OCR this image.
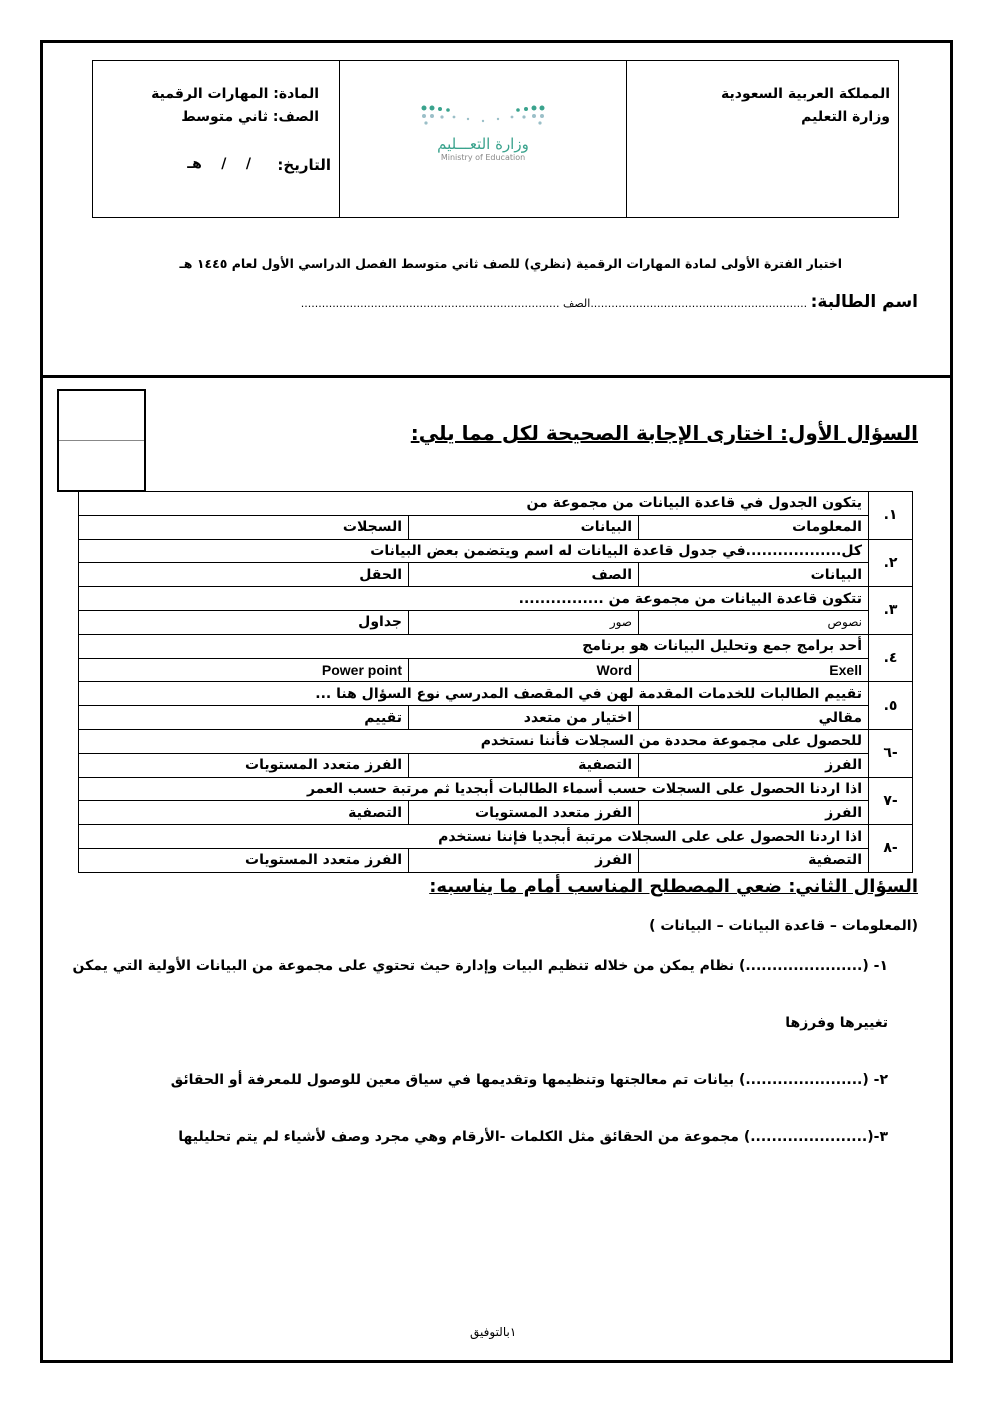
المادة: المهارات الرقمية
الصف: ثاني متوسط
التاريخ:
/    /    هـ
وزارة التعـــليم
Ministry of Education
المملكة العربية السعودية
وزارة التعليم
اختبار الفترة الأولى لمادة المهارات الرقمية (نظري) للصف ثاني متوسط الفصل الدراسي الأول لعام ١٤٤٥ هـ
اسم الطالبة: ..............................................................الصف ..........................................................................
السؤال الأول: اختارى الإجابة الصحيحة لكل مما يلي:
١.	يتكون الجدول في قاعدة البيانات من مجموعة من		
	المعلومات	البيانات	السجلات
٢.	كل..................في جدول قاعدة البيانات له اسم ويتضمن بعض البيانات		
	البيانات	الصف	الحقل
٣.	تتكون قاعدة البيانات من مجموعة من ................		
	نصوص	صور	جداول
٤.	أحد برامج جمع وتحليل البيانات هو برنامج		
	Exell	Word	Power point
٥.	تقييم الطالبات للخدمات المقدمة لهن في المقصف المدرسي نوع السؤال هنا ...		
	مقالي	اختيار من متعدد	تقييم
-٦	للحصول على مجموعة محددة من السجلات فأننا نستخدم		
	الفرز	التصفية	الفرز متعدد المستويات
-٧	اذا اردنا الحصول على السجلات حسب أسماء الطالبات أبجديا ثم مرتبة حسب العمر		
	الفرز	الفرز متعدد المستويات	التصفية
-٨	اذا اردنا الحصول على على السجلات مرتبة أبجديا فإننا نستخدم		
	التصفية	الفرز	الفرز متعدد المستويات
السؤال الثاني: ضعي المصطلح المناسب أمام ما يناسبه:
(المعلومات – قاعدة البيانات – البيانات )
١- (......................) نظام يمكن من خلاله تنظيم البيات وإدارة حيث تحتوي على مجموعة من البيانات الأولية التي يمكن
تغييرها وفرزها
٢- (......................) بيانات تم معالجتها وتنظيمها وتقديمها في سياق معين للوصول للمعرفة أو الحقائق
٣-(......................) مجموعة من الحقائق مثل الكلمات -الأرقام وهي مجرد وصف لأشياء لم يتم تحليليها
١بالتوفيق
